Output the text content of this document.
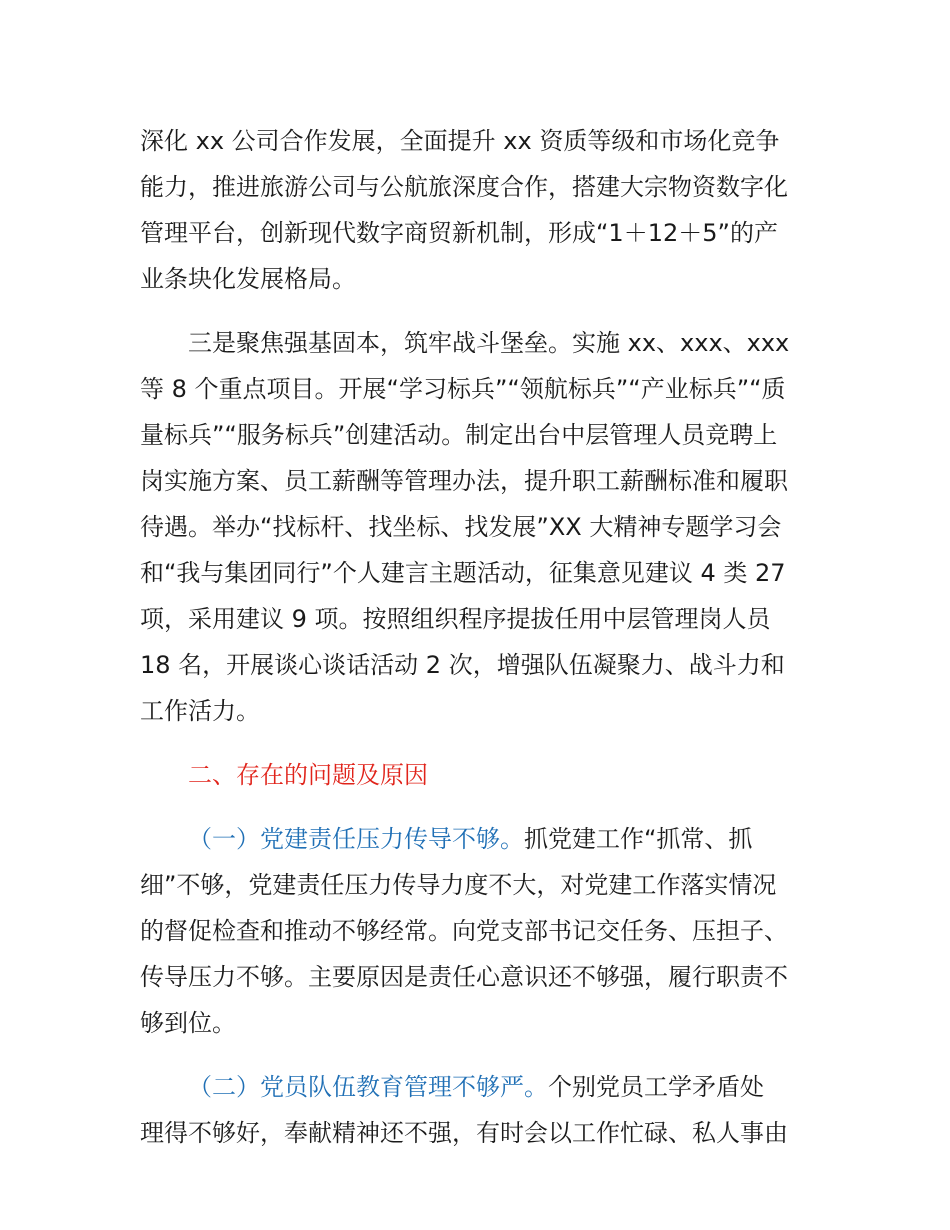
深化 xx 公司合作发展，全面提升 xx 资质等级和市场化竞争
能力，推进旅游公司与公航旅深度合作，搭建大宗物资数字化
管理平台，创新现代数字商贸新机制，形成“1＋12＋5”的产
业条块化发展格局。
三是聚焦强基固本，筑牢战斗堡垒。实施 xx、xxx、xxx
等 8 个重点项目。开展“学习标兵”“领航标兵”“产业标兵”“质
量标兵”“服务标兵”创建活动。制定出台中层管理人员竞聘上
岗实施方案、员工薪酬等管理办法，提升职工薪酬标准和履职
待遇。举办“找标杆、找坐标、找发展”XX 大精神专题学习会
和“我与集团同行”个人建言主题活动，征集意见建议 4 类 27
项，采用建议 9 项。按照组织程序提拔任用中层管理岗人员
18 名，开展谈心谈话活动 2 次，增强队伍凝聚力、战斗力和
工作活力。
二、存在的问题及原因
（一）党建责任压力传导不够。抓党建工作“抓常、抓
细”不够，党建责任压力传导力度不大，对党建工作落实情况
的督促检查和推动不够经常。向党支部书记交任务、压担子、
传导压力不够。主要原因是责任心意识还不够强，履行职责不
够到位。
（二）党员队伍教育管理不够严。个别党员工学矛盾处
理得不够好，奉献精神还不强，有时会以工作忙碌、私人事由
